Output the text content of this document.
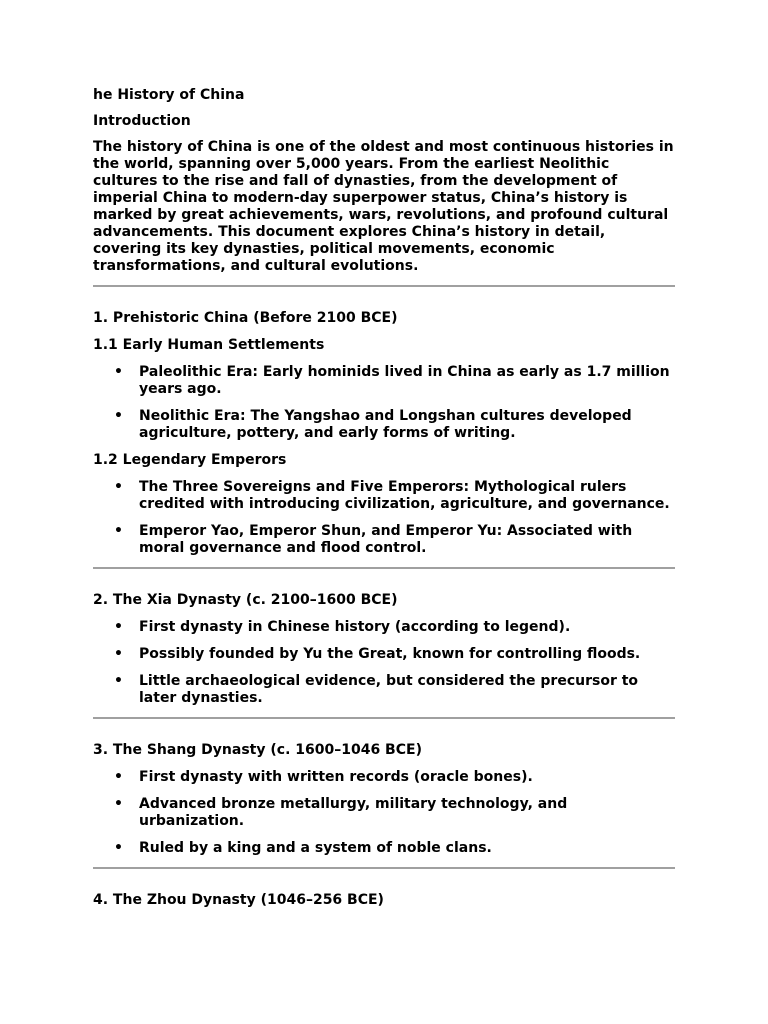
he History of China
Introduction
The history of China is one of the oldest and most continuous histories in the world, spanning over 5,000 years. From the earliest Neolithic cultures to the rise and fall of dynasties, from the development of imperial China to modern-day superpower status, China’s history is marked by great achievements, wars, revolutions, and profound cultural advancements. This document explores China’s history in detail, covering its key dynasties, political movements, economic transformations, and cultural evolutions.
1. Prehistoric China (Before 2100 BCE)
1.1 Early Human Settlements
• Paleolithic Era: Early hominids lived in China as early as 1.7 million years ago.
• Neolithic Era: The Yangshao and Longshan cultures developed agriculture, pottery, and early forms of writing.
1.2 Legendary Emperors
• The Three Sovereigns and Five Emperors: Mythological rulers credited with introducing civilization, agriculture, and governance.
• Emperor Yao, Emperor Shun, and Emperor Yu: Associated with moral governance and flood control.
2. The Xia Dynasty (c. 2100–1600 BCE)
• First dynasty in Chinese history (according to legend).
• Possibly founded by Yu the Great, known for controlling floods.
• Little archaeological evidence, but considered the precursor to later dynasties.
3. The Shang Dynasty (c. 1600–1046 BCE)
• First dynasty with written records (oracle bones).
• Advanced bronze metallurgy, military technology, and urbanization.
• Ruled by a king and a system of noble clans.
4. The Zhou Dynasty (1046–256 BCE)
